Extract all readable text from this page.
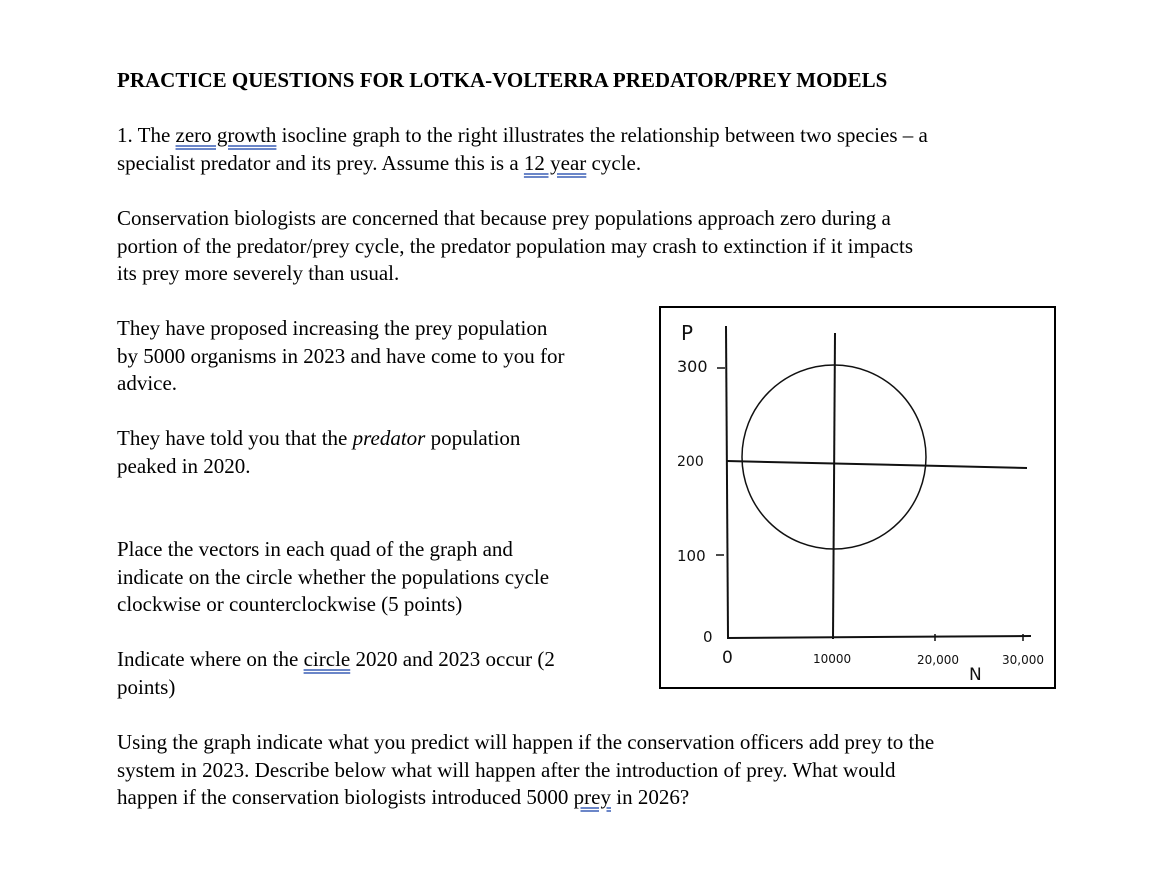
PRACTICE QUESTIONS FOR LOTKA-VOLTERRA PREDATOR/PREY MODELS

1. The zero growth isocline graph to the right illustrates the relationship between two species – a

specialist predator and its prey. Assume this is a 12 year cycle.

Conservation biologists are concerned that because prey populations approach zero during a

portion of the predator/prey cycle, the predator population may crash to extinction if it impacts

its prey more severely than usual.

They have proposed increasing the prey population

by 5000 organisms in 2023 and have come to you for

advice.

They have told you that the predator population

peaked in 2020.

Place the vectors in each quad of the graph and

indicate on the circle whether the populations cycle

clockwise or counterclockwise (5 points)

Indicate where on the circle 2020 and 2023 occur (2

points)

Using the graph indicate what you predict will happen if the conservation officers add prey to the

system in 2023. Describe below what will happen after the introduction of prey. What would

happen if the conservation biologists introduced 5000 prey in 2026?

P
300
200
100
0
0	10000	20,000	30,000
N
